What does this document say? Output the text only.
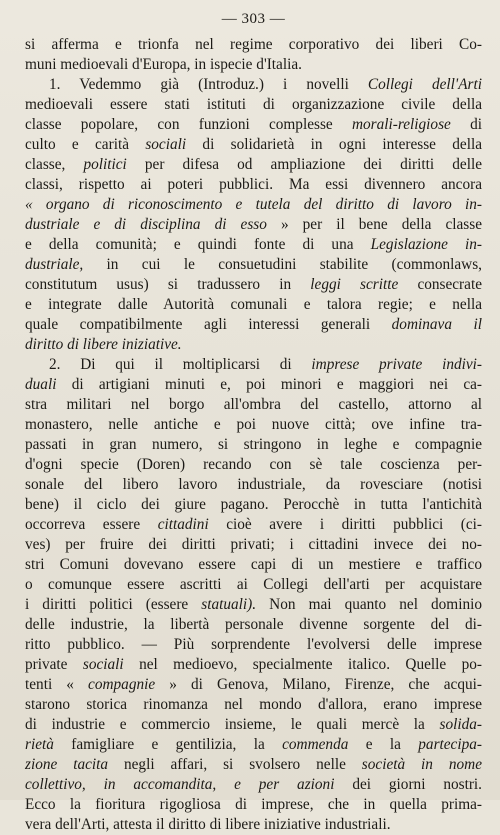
— 303 —
si afferma e trionfa nel regime corporativo dei liberi Co-
muni medioevali d'Europa, in ispecie d'Italia.
1. Vedemmo già (Introduz.) i novelli Collegi dell'Arti
medioevali essere stati istituti di organizzazione civile della
classe popolare, con funzioni complesse morali-religiose di
culto e carità sociali di solidarietà in ogni interesse della
classe, politici per difesa od ampliazione dei diritti delle
classi, rispetto ai poteri pubblici. Ma essi divennero ancora
« organo di riconoscimento e tutela del diritto di lavoro in-
dustriale e di disciplina di esso » per il bene della classe
e della comunità; e quindi fonte di una Legislazione in-
dustriale, in cui le consuetudini stabilite (commonlaws,
constitutum usus) si tradussero in leggi scritte consecrate
e integrate dalle Autorità comunali e talora regie; e nella
quale compatibilmente agli interessi generali dominava il
diritto di libere iniziative.
2. Di qui il moltiplicarsi di imprese private indivi-
duali di artigiani minuti e, poi minori e maggiori nei ca-
stra militari nel borgo all'ombra del castello, attorno al
monastero, nelle antiche e poi nuove città; ove infine tra-
passati in gran numero, si stringono in leghe e compagnie
d'ogni specie (Doren) recando con sè tale coscienza per-
sonale del libero lavoro industriale, da rovesciare (notisi
bene) il ciclo dei giure pagano. Perocchè in tutta l'antichità
occorreva essere cittadini cioè avere i diritti pubblici (ci-
ves) per fruire dei diritti privati; i cittadini invece dei no-
stri Comuni dovevano essere capi di un mestiere e traffico
o comunque essere ascritti ai Collegi dell'arti per acquistare
i diritti politici (essere statuali). Non mai quanto nel dominio
delle industrie, la libertà personale divenne sorgente del di-
ritto pubblico. — Più sorprendente l'evolversi delle imprese
private sociali nel medioevo, specialmente italico. Quelle po-
tenti « compagnie » di Genova, Milano, Firenze, che acqui-
starono storica rinomanza nel mondo d'allora, erano imprese
di industrie e commercio insieme, le quali mercè la solida-
rietà famigliare e gentilizia, la commenda e la partecipa-
zione tacita negli affari, si svolsero nelle società in nome
collettivo, in accomandita, e per azioni dei giorni nostri.
Ecco la fioritura rigogliosa di imprese, che in quella prima-
vera dell'Arti, attesta il diritto di libere iniziative industriali.
